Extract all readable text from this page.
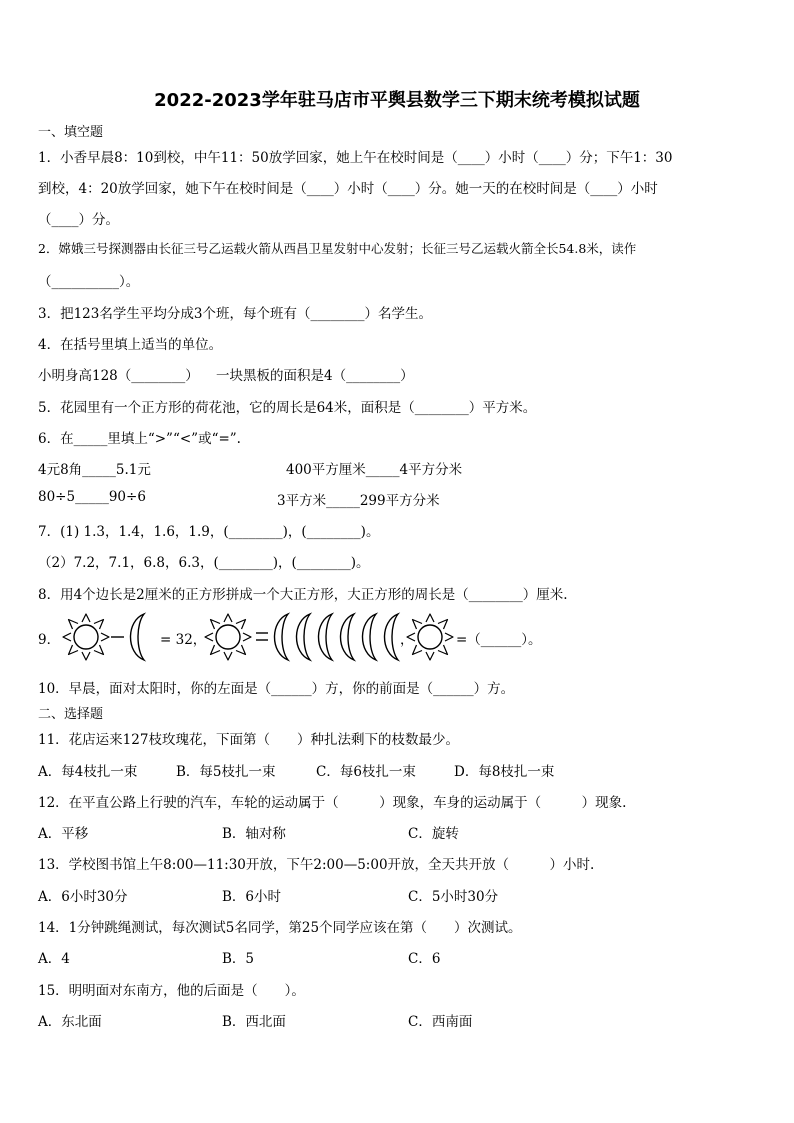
2022-2023学年驻马店市平舆县数学三下期末统考模拟试题
一、填空题
1．小香早晨8：10到校，中午11：50放学回家，她上午在校时间是（____）小时（____）分；下午1：30
到校，4：20放学回家，她下午在校时间是（____）小时（____）分。她一天的在校时间是（____）小时
（____）分。
2．嫦娥三号探测器由长征三号乙运载火箭从西昌卫星发射中心发射；长征三号乙运载火箭全长54.8米，读作
（__________）。
3．把123名学生平均分成3个班，每个班有（________）名学生。
4．在括号里填上适当的单位。
小明身高128（________） 一块黑板的面积是4（________）
5．花园里有一个正方形的荷花池，它的周长是64米，面积是（________）平方米。
6．在_____里填上“>”“<”或“=”.
4元8角_____5.1元	400平方厘米_____4平方分米
80÷5_____90÷6	3平方米_____299平方分米
7．(1) 1.3，1.4，1.6，1.9，(________)，(________)。
（2）7.2，7.1，6.8，6.3，(________)，(________)。
8．用4个边长是2厘米的正方形拼成一个大正方形，大正方形的周长是（________）厘米.
9．	= 32，	，	=（______）。
10．早晨，面对太阳时，你的左面是（______）方，你的前面是（______）方。
二、选择题
11．花店运来127枝玫瑰花，下面第（　　）种扎法剩下的枝数最少。
A．每4枝扎一束	B．每5枝扎一束	C．每6枝扎一束	D．每8枝扎一束
12．在平直公路上行驶的汽车，车轮的运动属于（　　　）现象，车身的运动属于（　　　）现象.
A．平移	B．轴对称	C．旋转
13．学校图书馆上午8:00—11:30开放，下午2:00—5:00开放，全天共开放（　　　）小时.
A．6小时30分	B．6小时	C．5小时30分
14．1分钟跳绳测试，每次测试5名同学，第25个同学应该在第（　　）次测试。
A．4	B．5	C．6
15．明明面对东南方，他的后面是（　　）。
A．东北面	B．西北面	C．西南面
